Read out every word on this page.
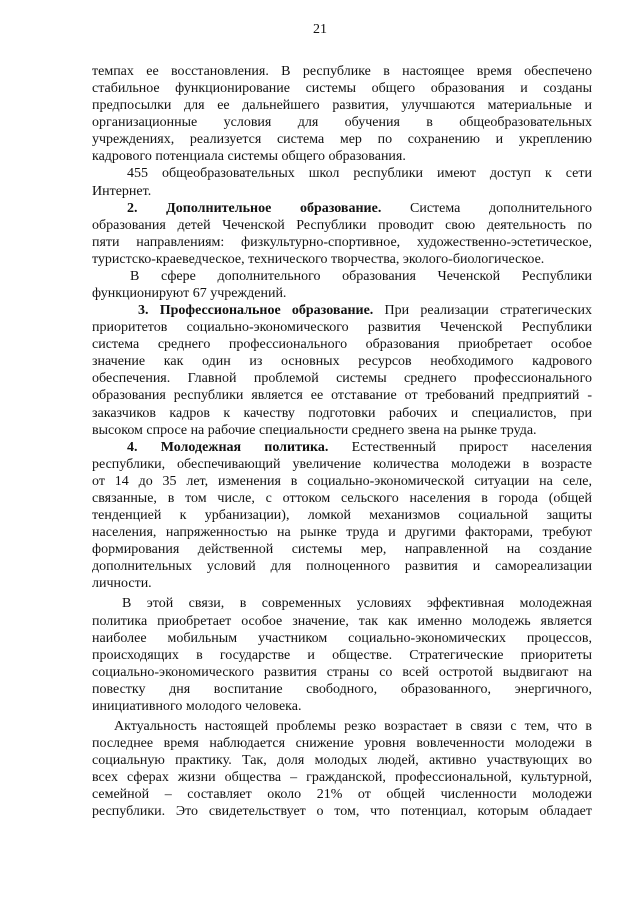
21
темпах ее восстановления. В республике в настоящее время обеспечено
стабильное функционирование системы общего образования и созданы
предпосылки для ее дальнейшего развития, улучшаются материальные и
организационные условия для обучения в общеобразовательных
учреждениях, реализуется система мер по сохранению и укреплению
кадрового потенциала системы общего образования.
455 общеобразовательных школ республики имеют доступ к сети
Интернет.
2. Дополнительное образование. Система дополнительного
образования детей Чеченской Республики проводит свою деятельность по
пяти направлениям: физкультурно-спортивное, художественно-эстетическое,
туристско-краеведческое, технического творчества, эколого-биологическое.
В сфере дополнительного образования Чеченской Республики
функционируют 67 учреждений.
3. Профессиональное образование. При реализации стратегических
приоритетов социально-экономического развития Чеченской Республики
система среднего профессионального образования приобретает особое
значение как один из основных ресурсов необходимого кадрового
обеспечения. Главной проблемой системы среднего профессионального
образования республики является ее отставание от требований предприятий -
заказчиков кадров к качеству подготовки рабочих и специалистов, при
высоком спросе на рабочие специальности среднего звена на рынке труда.
4. Молодежная политика. Естественный прирост населения
республики, обеспечивающий увеличение количества молодежи в возрасте
от 14 до 35 лет, изменения в социально-экономической ситуации на селе,
связанные, в том числе, с оттоком сельского населения в города (общей
тенденцией к урбанизации), ломкой механизмов социальной защиты
населения, напряженностью на рынке труда и другими факторами, требуют
формирования действенной системы мер, направленной на создание
дополнительных условий для полноценного развития и самореализации
личности.
В этой связи, в современных условиях эффективная молодежная
политика приобретает особое значение, так как именно молодежь является
наиболее мобильным участником социально-экономических процессов,
происходящих в государстве и обществе. Стратегические приоритеты
социально-экономического развития страны со всей остротой выдвигают на
повестку дня воспитание свободного, образованного, энергичного,
инициативного молодого человека.
Актуальность настоящей проблемы резко возрастает в связи с тем, что в
последнее время наблюдается снижение уровня вовлеченности молодежи в
социальную практику. Так, доля молодых людей, активно участвующих во
всех сферах жизни общества – гражданской, профессиональной, культурной,
семейной – составляет около 21% от общей численности молодежи
республики. Это свидетельствует о том, что потенциал, которым обладает
